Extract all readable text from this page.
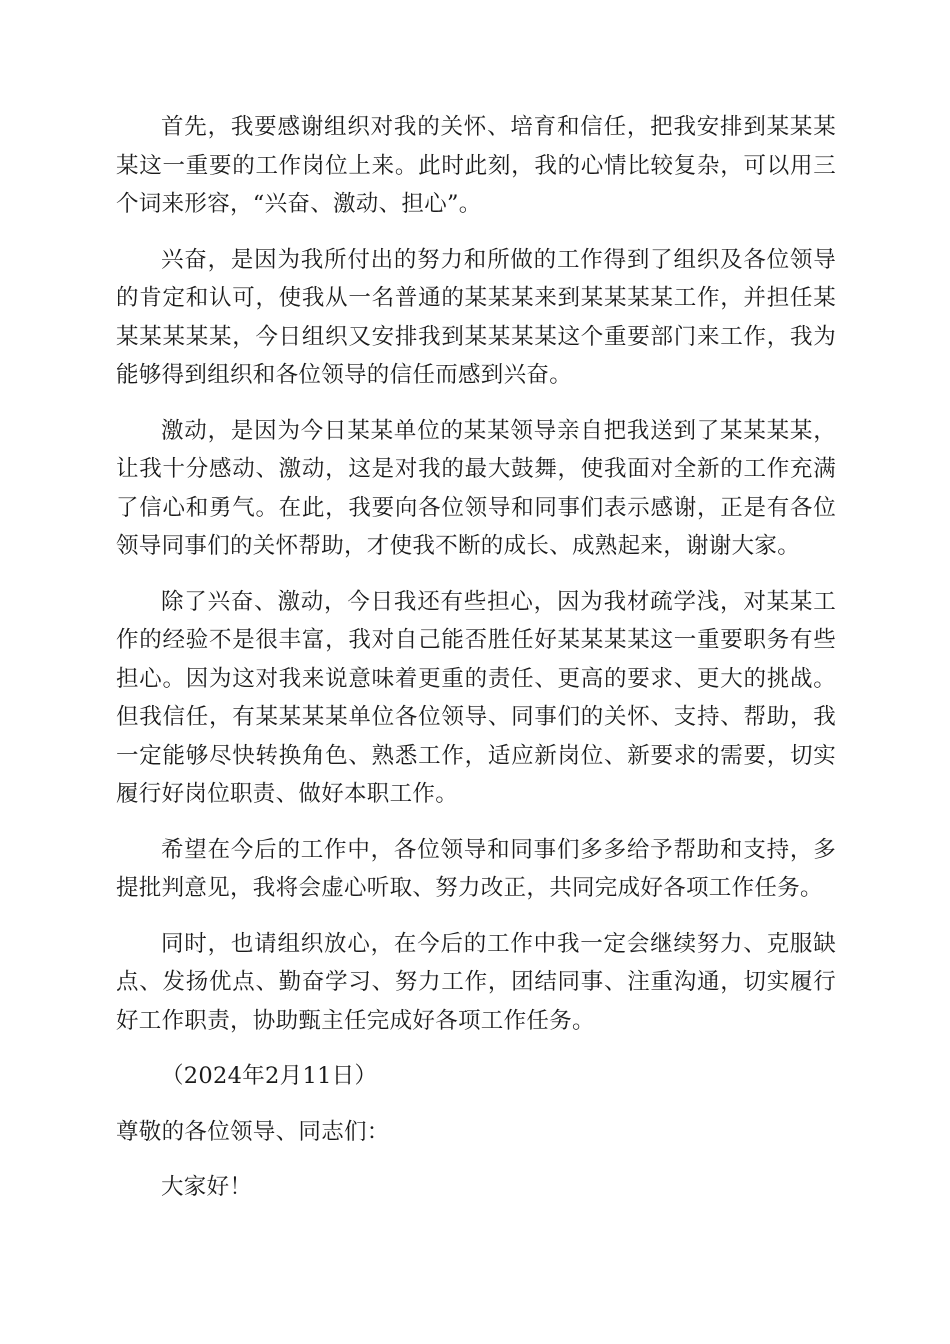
首先，我要感谢组织对我的关怀、培育和信任，把我安排到某某某某这一重要的工作岗位上来。此时此刻，我的心情比较复杂，可以用三个词来形容，“兴奋、激动、担心”。

兴奋，是因为我所付出的努力和所做的工作得到了组织及各位领导的肯定和认可，使我从一名普通的某某某来到某某某某工作，并担任某某某某某某，今日组织又安排我到某某某某这个重要部门来工作，我为能够得到组织和各位领导的信任而感到兴奋。

激动，是因为今日某某单位的某某领导亲自把我送到了某某某某，让我十分感动、激动，这是对我的最大鼓舞，使我面对全新的工作充满了信心和勇气。在此，我要向各位领导和同事们表示感谢，正是有各位领导同事们的关怀帮助，才使我不断的成长、成熟起来，谢谢大家。

除了兴奋、激动，今日我还有些担心，因为我材疏学浅，对某某工作的经验不是很丰富，我对自己能否胜任好某某某某这一重要职务有些担心。因为这对我来说意味着更重的责任、更高的要求、更大的挑战。但我信任，有某某某某单位各位领导、同事们的关怀、支持、帮助，我一定能够尽快转换角色、熟悉工作，适应新岗位、新要求的需要，切实履行好岗位职责、做好本职工作。

希望在今后的工作中，各位领导和同事们多多给予帮助和支持，多提批判意见，我将会虚心听取、努力改正，共同完成好各项工作任务。

同时，也请组织放心，在今后的工作中我一定会继续努力、克服缺点、发扬优点、勤奋学习、努力工作，团结同事、注重沟通，切实履行好工作职责，协助甄主任完成好各项工作任务。

（2024年2月11日）

尊敬的各位领导、同志们：

大家好！
